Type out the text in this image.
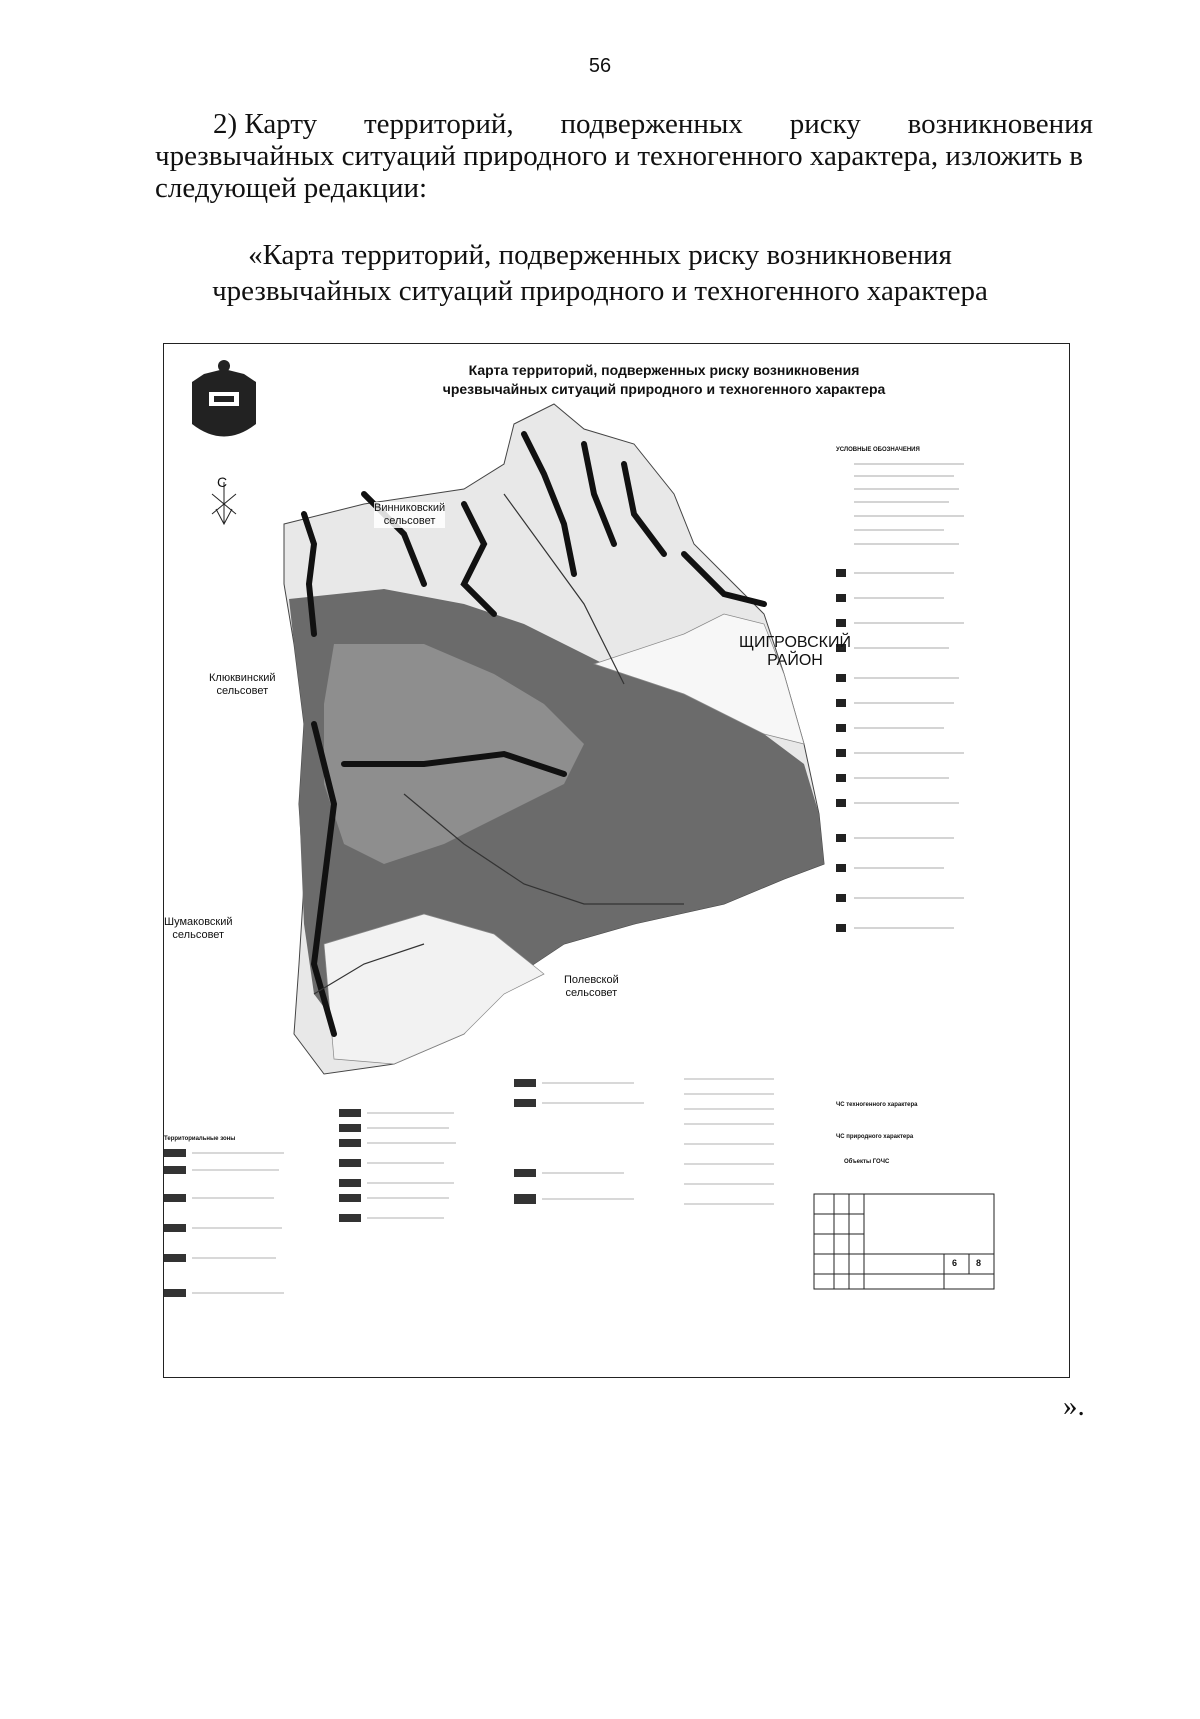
56
2) Карту территорий, подверженных риску возникновения
чрезвычайных ситуаций природного и техногенного характера, изложить в
следующей редакции:
«Карта территорий, подверженных риску возникновения
чрезвычайных ситуаций природного и техногенного характера
Карта территорий, подверженных риску возникновения
чрезвычайных ситуаций природного и техногенного характера
С
Винниковский
сельсовет
Клюквинский
сельсовет
Шумаковский
сельсовет
Полевской
сельсовет
ЩИГРОВСКИЙ
РАЙОН
УСЛОВНЫЕ ОБОЗНАЧЕНИЯ
Территориальные зоны
ЧС техногенного характера
ЧС природного характера
Объекты ГОЧС
6 8
».
